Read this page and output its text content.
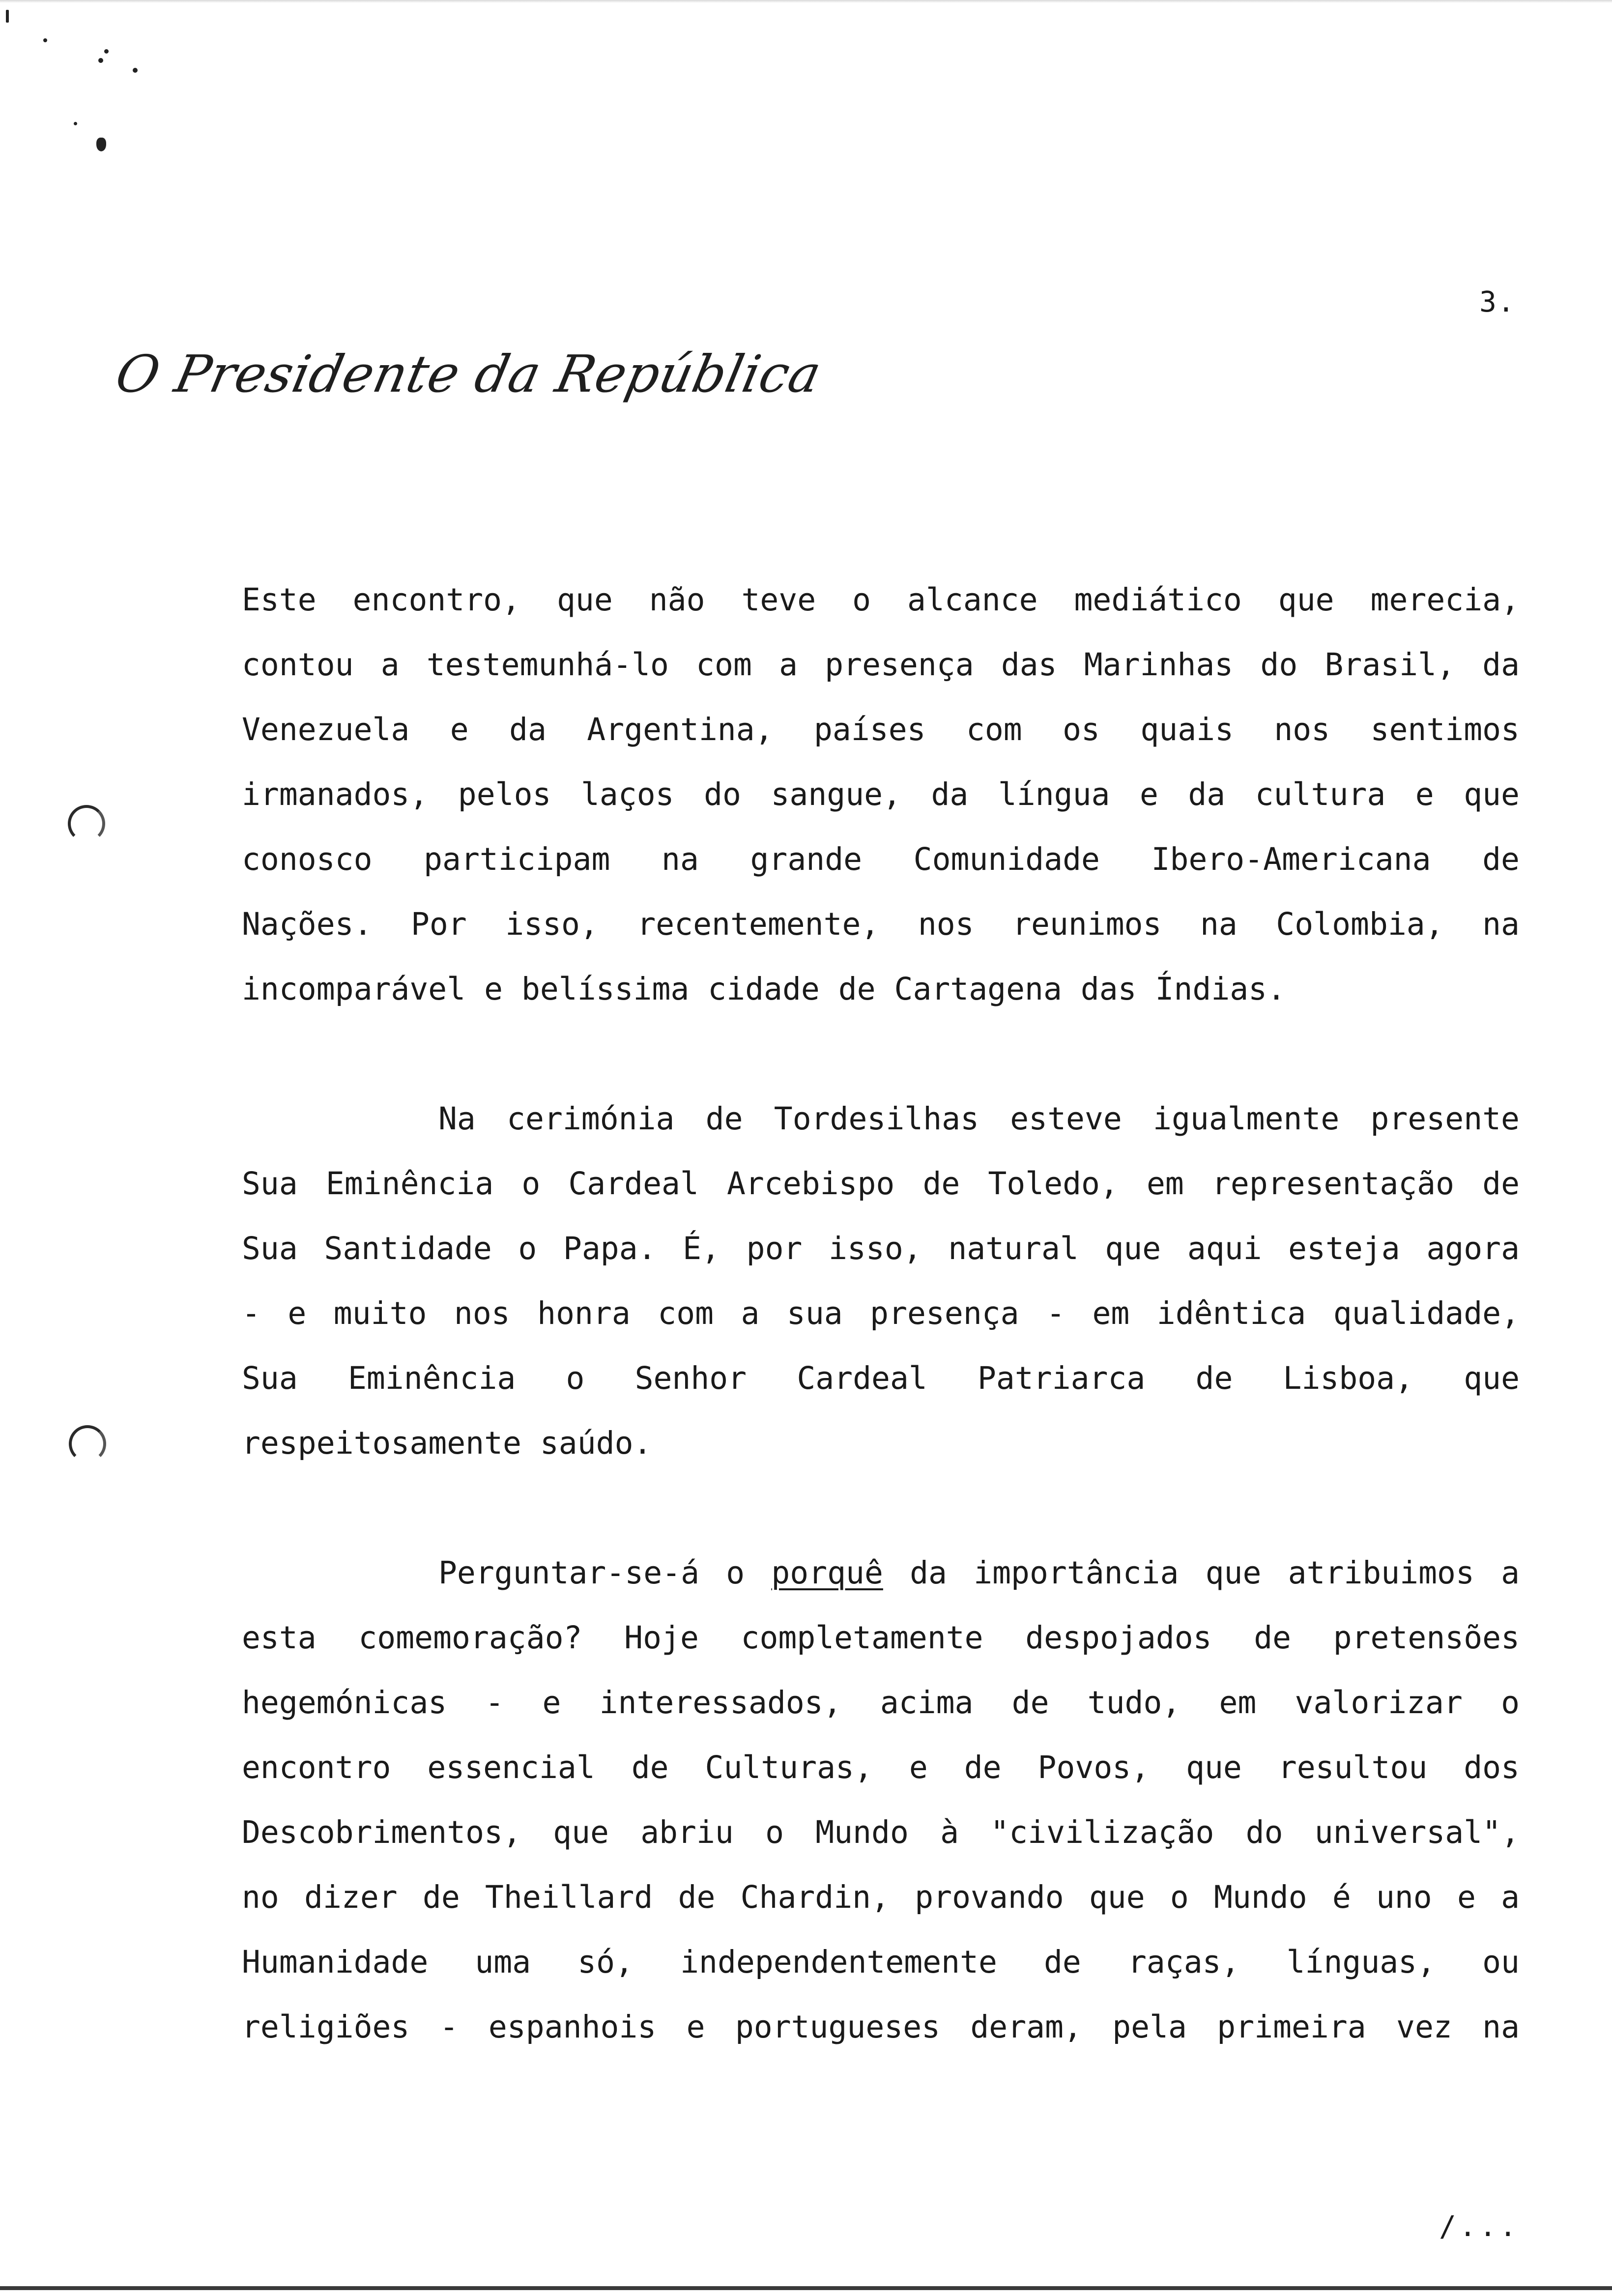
3.
O Presidente da República

Este encontro, que não teve o alcance mediático que merecia,
contou a testemunhá-lo com a presença das Marinhas do Brasil, da
Venezuela e da Argentina, países com os quais nos sentimos
irmanados, pelos laços do sangue, da língua e da cultura e que
conosco participam na grande Comunidade Ibero-Americana de
Nações. Por isso, recentemente, nos reunimos na Colombia, na
incomparável e belíssima cidade de Cartagena das Índias.

Na cerimónia de Tordesilhas esteve igualmente presente
Sua Eminência o Cardeal Arcebispo de Toledo, em representação de
Sua Santidade o Papa. É, por isso, natural que aqui esteja agora
- e muito nos honra com a sua presença - em idêntica qualidade,
Sua Eminência o Senhor Cardeal Patriarca de Lisboa, que
respeitosamente saúdo.

Perguntar-se-á o porquê da importância que atribuimos a
esta comemoração? Hoje completamente despojados de pretensões
hegemónicas - e interessados, acima de tudo, em valorizar o
encontro essencial de Culturas, e de Povos, que resultou dos
Descobrimentos, que abriu o Mundo à "civilização do universal",
no dizer de Theillard de Chardin, provando que o Mundo é uno e a
Humanidade uma só, independentemente de raças, línguas, ou
religiões - espanhois e portugueses deram, pela primeira vez na

/...
